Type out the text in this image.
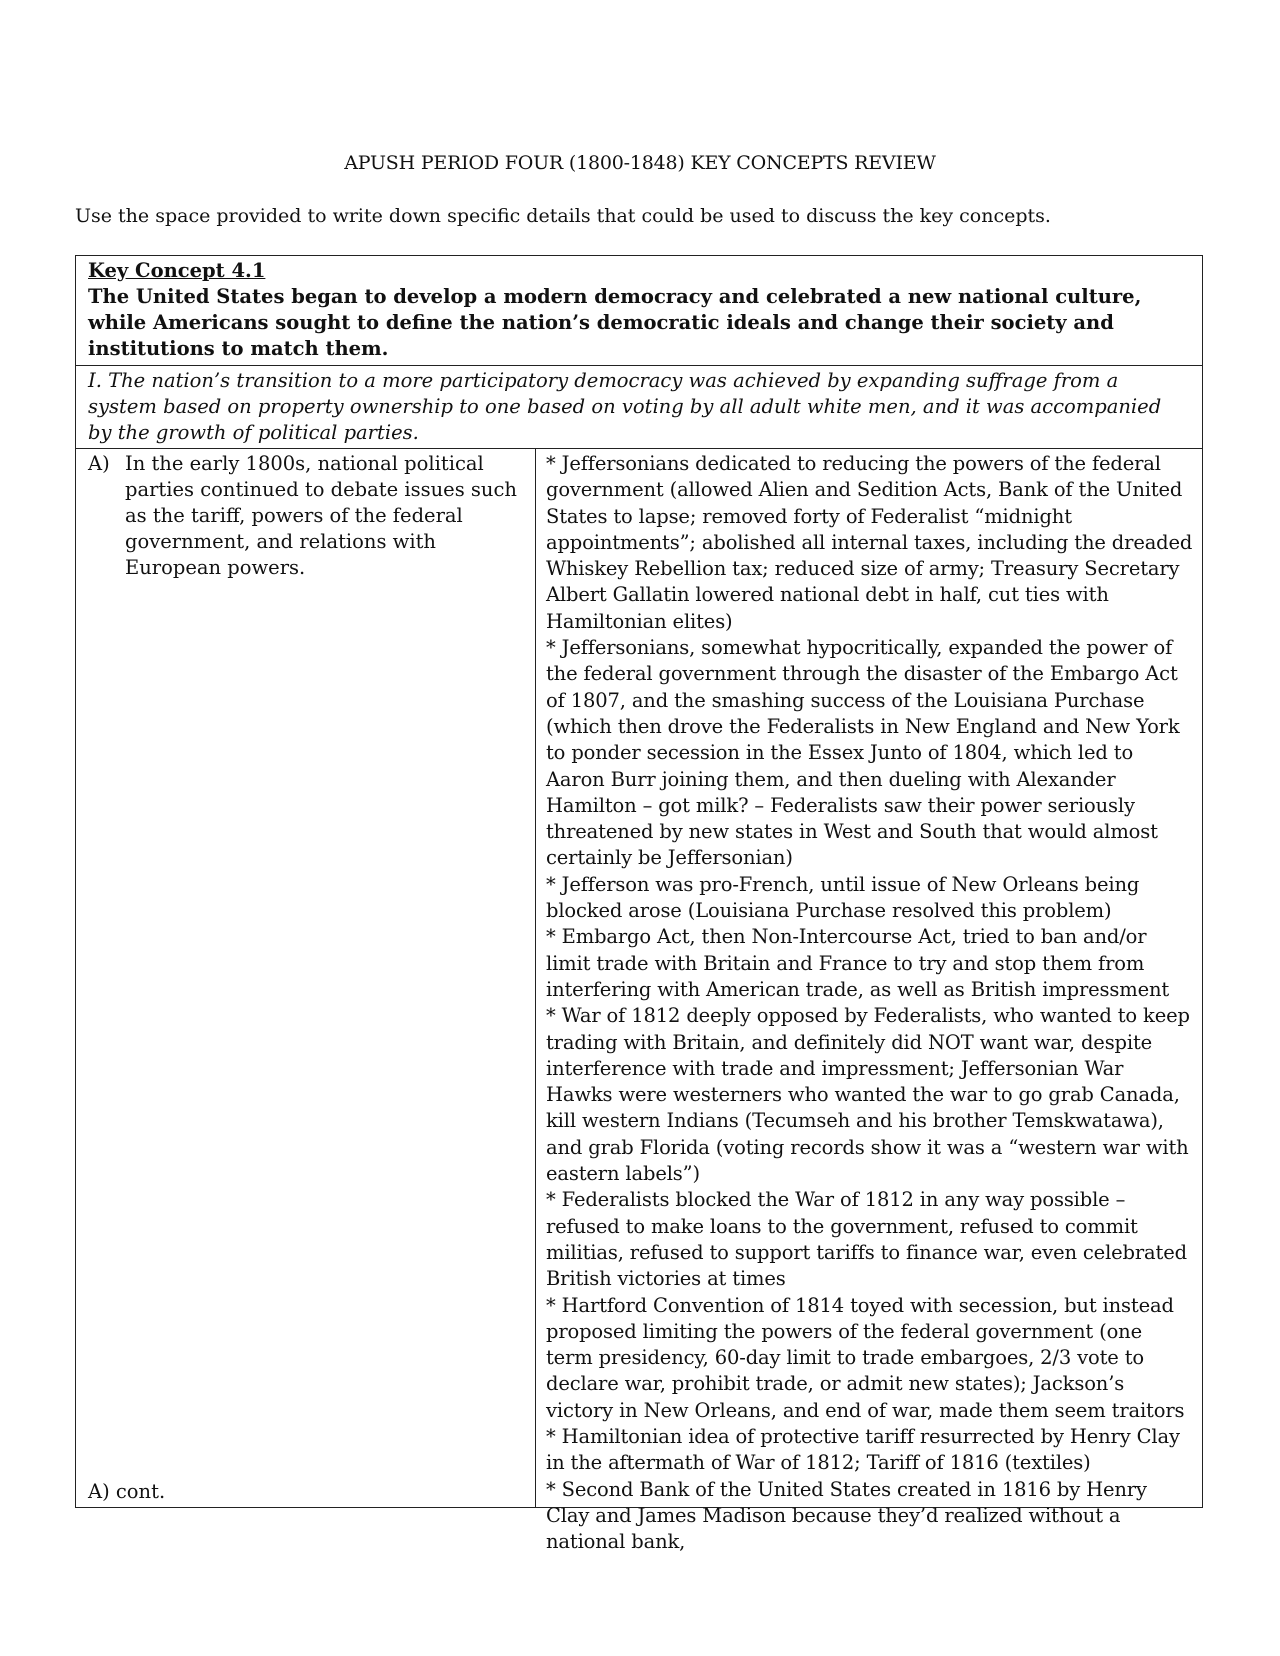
APUSH PERIOD FOUR (1800-1848) KEY CONCEPTS REVIEW
Use the space provided to write down specific details that could be used to discuss the key concepts.
Key Concept 4.1
The United States began to develop a modern democracy and celebrated a new national culture, while Americans sought to define the nation’s democratic ideals and change their society and institutions to match them.
I. The nation’s transition to a more participatory democracy was achieved by expanding suffrage from a system based on property ownership to one based on voting by all adult white men, and it was accompanied by the growth of political parties.
A) In the early 1800s, national political parties continued to debate issues such as the tariff, powers of the federal government, and relations with European powers.
A) cont.

* Jeffersonians dedicated to reducing the powers of the federal government (allowed Alien and Sedition Acts, Bank of the United States to lapse; removed forty of Federalist “midnight appointments”; abolished all internal taxes, including the dreaded Whiskey Rebellion tax; reduced size of army; Treasury Secretary Albert Gallatin lowered national debt in half, cut ties with Hamiltonian elites)

* Jeffersonians, somewhat hypocritically, expanded the power of the federal government through the disaster of the Embargo Act of 1807, and the smashing success of the Louisiana Purchase (which then drove the Federalists in New England and New York to ponder secession in the Essex Junto of 1804, which led to Aaron Burr joining them, and then dueling with Alexander Hamilton – got milk? – Federalists saw their power seriously threatened by new states in West and South that would almost certainly be Jeffersonian)

* Jefferson was pro-French, until issue of New Orleans being blocked arose (Louisiana Purchase resolved this problem)

* Embargo Act, then Non-Intercourse Act, tried to ban and/or limit trade with Britain and France to try and stop them from interfering with American trade, as well as British impressment

* War of 1812 deeply opposed by Federalists, who wanted to keep trading with Britain, and definitely did NOT want war, despite interference with trade and impressment; Jeffersonian War Hawks were westerners who wanted the war to go grab Canada, kill western Indians (Tecumseh and his brother Temskwatawa), and grab Florida (voting records show it was a “western war with eastern labels”)

* Federalists blocked the War of 1812 in any way possible – refused to make loans to the government, refused to commit militias, refused to support tariffs to finance war, even celebrated British victories at times

* Hartford Convention of 1814 toyed with secession, but instead proposed limiting the powers of the federal government (one term presidency, 60-day limit to trade embargoes, 2/3 vote to declare war, prohibit trade, or admit new states); Jackson’s victory in New Orleans, and end of war, made them seem traitors

* Hamiltonian idea of protective tariff resurrected by Henry Clay in the aftermath of War of 1812; Tariff of 1816 (textiles)

* Second Bank of the United States created in 1816 by Henry Clay and James Madison because they’d realized without a national bank,
